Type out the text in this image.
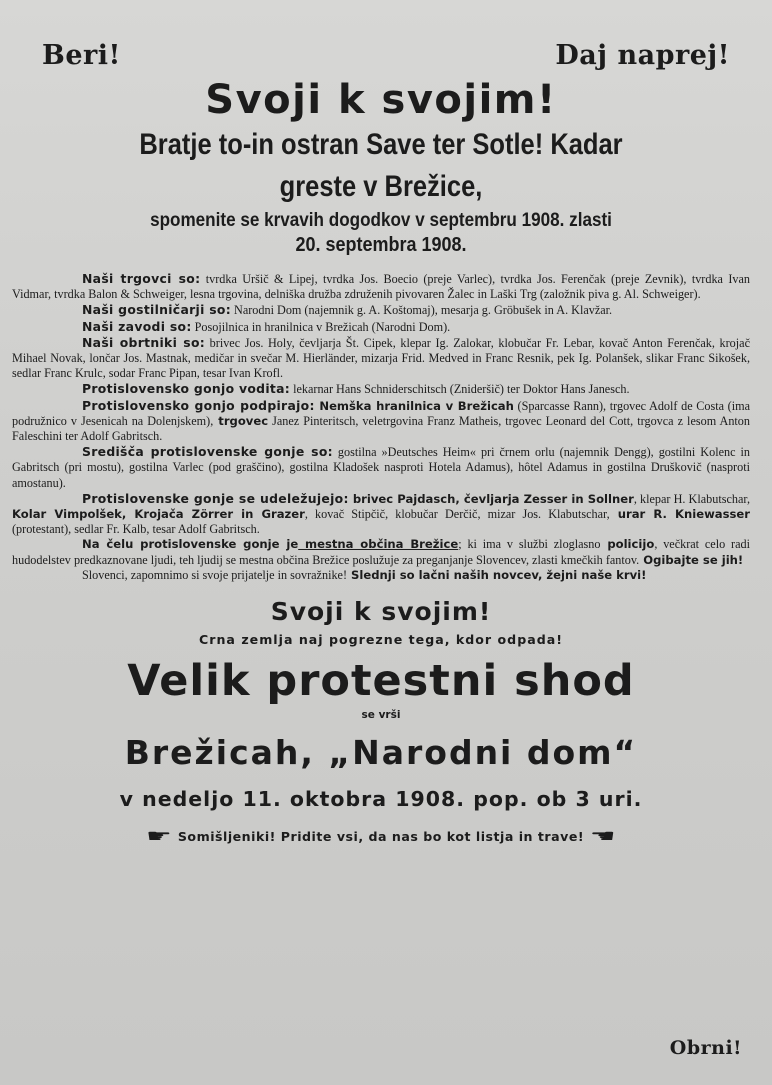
Beri!	Daj naprej!
Svoji k svojim!
Bratje to-in ostran Save ter Sotle! Kadar
greste v Brežice,
spomenite se krvavih dogodkov v septembru 1908. zlasti
20. septembra 1908.

Naši trgovci so: tvrdka Uršič & Lipej, tvrdka Jos. Boecio (preje Varlec), tvrdka Jos. Ferenčak (preje Zevnik), tvrdka Ivan Vidmar, tvrdka Balon & Schweiger, lesna trgovina, delniška družba združenih pivovaren Žalec in Laški Trg (založnik piva g. Al. Schweiger).

Naši gostilničarji so: Narodni Dom (najemnik g. A. Koštomaj), mesarja g. Gröbušek in A. Klavžar.

Naši zavodi so: Posojilnica in hranilnica v Brežicah (Narodni Dom).

Naši obrtniki so: brivec Jos. Holy, čevljarja Št. Cipek, klepar Ig. Zalokar, klobučar Fr. Lebar, kovač Anton Ferenčak, krojač Mihael Novak, lončar Jos. Mastnak, medičar in svečar M. Hierländer, mizarja Frid. Medved in Franc Resnik, pek Ig. Polanšek, slikar Franc Sikošek, sedlar Franc Krulc, sodar Franc Pipan, tesar Ivan Krofl.

Protislovensko gonjo vodita: lekarnar Hans Schniderschitsch (Znideršič) ter Doktor Hans Janesch.

Protislovensko gonjo podpirajo: Nemška hranilnica v Brežicah (Sparcasse Rann), trgovec Adolf de Costa (ima podružnico v Jesenicah na Dolenjskem), trgovec Janez Pinteritsch, veletrgovina Franz Matheis, trgovec Leonard del Cott, trgovca z lesom Anton Faleschini ter Adolf Gabritsch.

Središča protislovenske gonje so: gostilna »Deutsches Heim« pri črnem orlu (najemnik Dengg), gostilni Kolenc in Gabritsch (pri mostu), gostilna Varlec (pod graščino), gostilna Kladošek nasproti Hotela Adamus), hôtel Adamus in gostilna Druškovič (nasproti amostanu).

Protislovenske gonje se udeležujejo: brivec Pajdasch, čevljarja Zesser in Sollner, klepar H. Klabutschar, Kolar Vimpolšek, Krojača Zörrer in Grazer, kovač Stipčič, klobučar Derčič, mizar Jos. Klabutschar, urar R. Kniewasser (protestant), sedlar Fr. Kalb, tesar Adolf Gabritsch.

Na čelu protislovenske gonje je mestna občina Brežice; ki ima v službi zloglasno policijo, večkrat celo radi hudodelstev predkaznovane ljudi, teh ljudij se mestna občina Brežice poslužuje za preganjanje Slovencev, zlasti kmečkih fantov. Ogibajte se jih!

Slovenci, zapomnimo si svoje prijatelje in sovražnike! Slednji so lačni naših novcev, žejni naše krvi!

Svoji k svojim!
Crna zemlja naj pogrezne tega, kdor odpada!
Velik protestni shod
se vrši
Brežicah, „Narodni dom“
v nedeljo 11. oktobra 1908. pop. ob 3 uri.
☛ Somišljeniki! Pridite vsi, da nas bo kot listja in trave! ☛
Obrni!
